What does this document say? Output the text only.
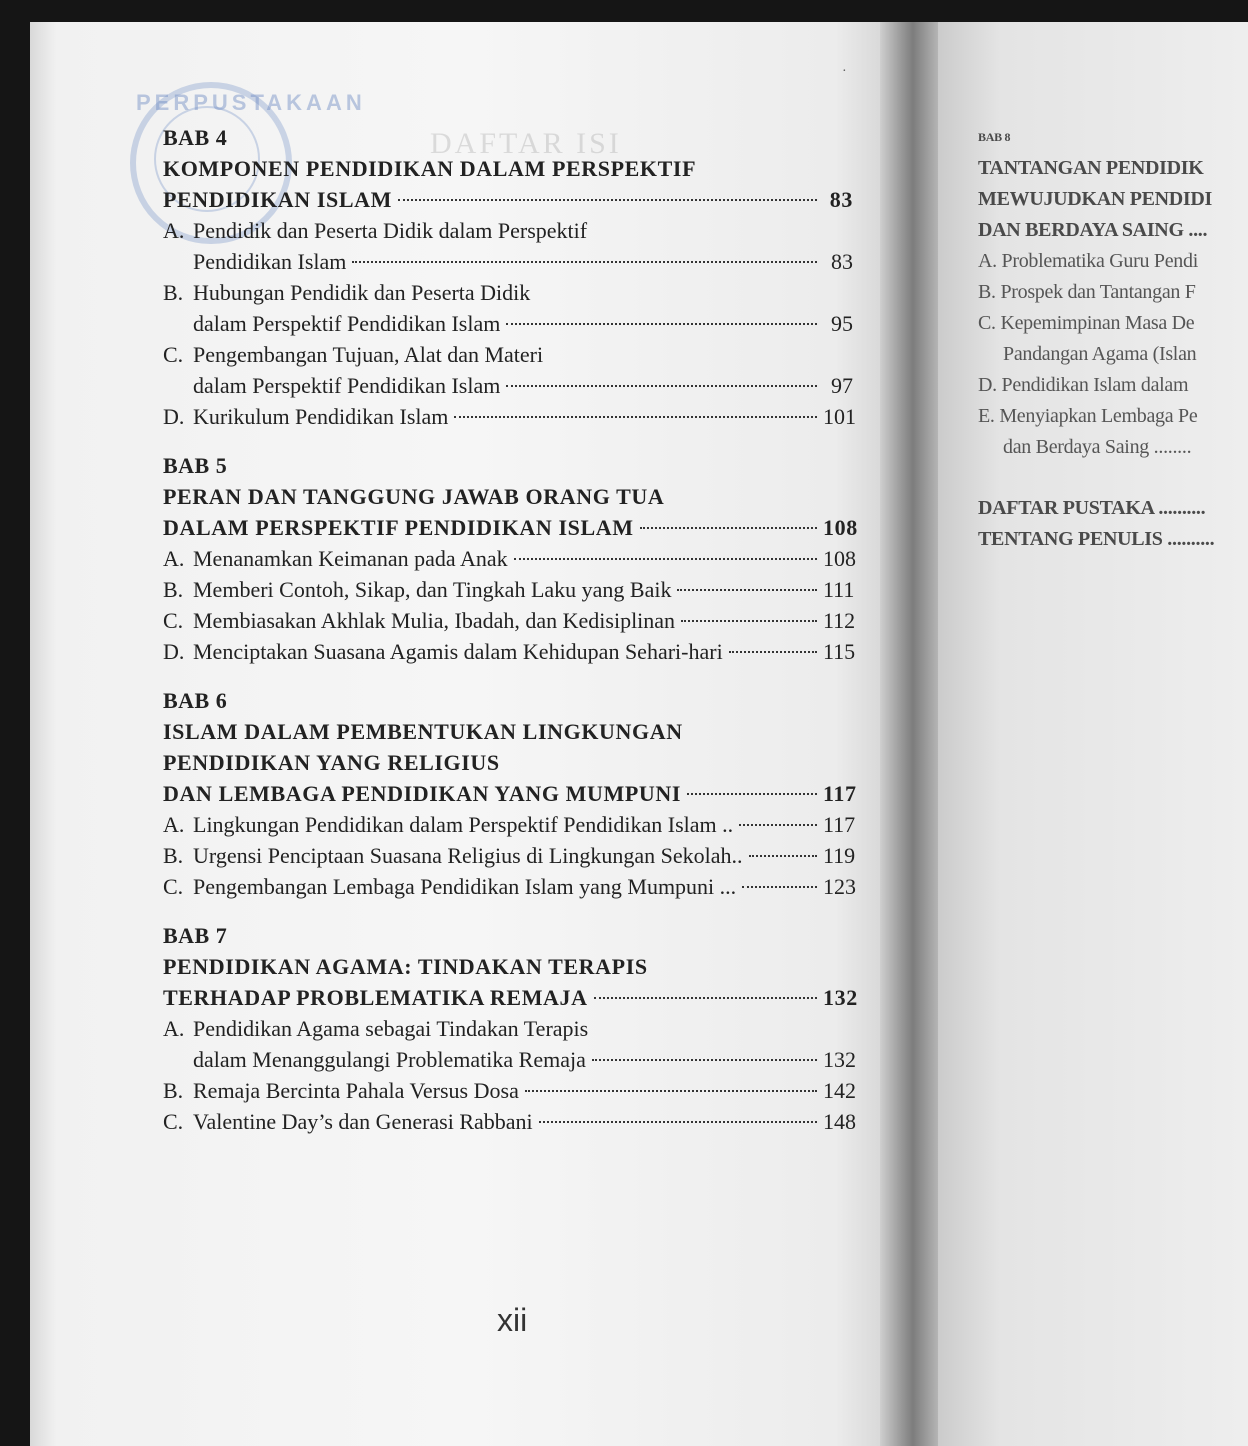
PERPUSTAKAAN
·
DAFTAR ISI
BAB 4
KOMPONEN PENDIDIKAN DALAM PERSPEKTIF
PENDIDIKAN ISLAM	83
A. Pendidik dan Peserta Didik dalam Perspektif
Pendidikan Islam	83
B. Hubungan Pendidik dan Peserta Didik
dalam Perspektif Pendidikan Islam	95
C. Pengembangan Tujuan, Alat dan Materi
dalam Perspektif Pendidikan Islam	97
D. Kurikulum Pendidikan Islam	101
BAB 5
PERAN DAN TANGGUNG JAWAB ORANG TUA
DALAM PERSPEKTIF PENDIDIKAN ISLAM	108
A. Menanamkan Keimanan pada Anak	108
B. Memberi Contoh, Sikap, dan Tingkah Laku yang Baik	111
C. Membiasakan Akhlak Mulia, Ibadah, dan Kedisiplinan	112
D. Menciptakan Suasana Agamis dalam Kehidupan Sehari-hari	115
BAB 6
ISLAM DALAM PEMBENTUKAN LINGKUNGAN
PENDIDIKAN YANG RELIGIUS
DAN LEMBAGA PENDIDIKAN YANG MUMPUNI	117
A. Lingkungan Pendidikan dalam Perspektif Pendidikan Islam ..	117
B. Urgensi Penciptaan Suasana Religius di Lingkungan Sekolah..	119
C. Pengembangan Lembaga Pendidikan Islam yang Mumpuni ...	123
BAB 7
PENDIDIKAN AGAMA: TINDAKAN TERAPIS
TERHADAP PROBLEMATIKA REMAJA	132
A. Pendidikan Agama sebagai Tindakan Terapis
dalam Menanggulangi Problematika Remaja	132
B. Remaja Bercinta Pahala Versus Dosa	142
C. Valentine Day’s dan Generasi Rabbani	148
xii
BAB 8
TANTANGAN PENDIDIK
MEWUJUDKAN PENDIDI
DAN BERDAYA SAING ....
A. Problematika Guru Pendi
B. Prospek dan Tantangan F
C. Kepemimpinan Masa De
Pandangan Agama (Islan
D. Pendidikan Islam dalam
E. Menyiapkan Lembaga Pe
dan Berdaya Saing ........
DAFTAR PUSTAKA ..........
TENTANG PENULIS ..........
